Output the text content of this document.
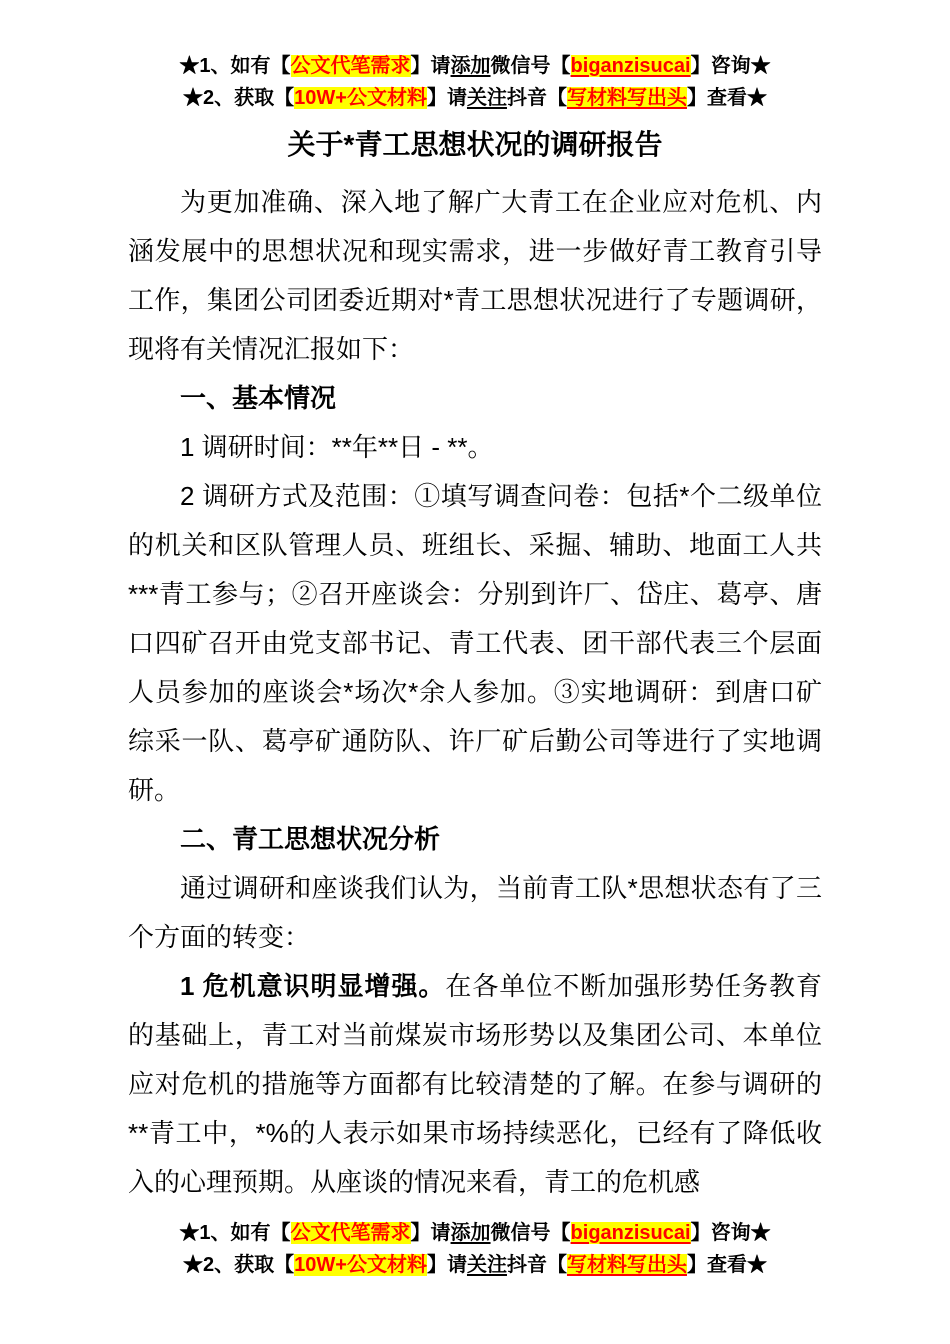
★1、如有【公文代笔需求】请添加微信号【biganzisucai】咨询★
★2、获取【10W+公文材料】请关注抖音【写材料写出头】查看★
关于*青工思想状况的调研报告

为更加准确、深入地了解广大青工在企业应对危机、内涵发展中的思想状况和现实需求，进一步做好青工教育引导工作，集团公司团委近期对*青工思想状况进行了专题调研，现将有关情况汇报如下：

一、基本情况

1 调研时间：**年**日 - **。

2 调研方式及范围：①填写调查问卷：包括*个二级单位的机关和区队管理人员、班组长、采掘、辅助、地面工人共***青工参与；②召开座谈会：分别到许厂、岱庄、葛亭、唐口四矿召开由党支部书记、青工代表、团干部代表三个层面人员参加的座谈会*场次*余人参加。③实地调研：到唐口矿综采一队、葛亭矿通防队、许厂矿后勤公司等进行了实地调研。

二、青工思想状况分析

通过调研和座谈我们认为，当前青工队*思想状态有了三个方面的转变：

1 危机意识明显增强。在各单位不断加强形势任务教育的基础上，青工对当前煤炭市场形势以及集团公司、本单位应对危机的措施等方面都有比较清楚的了解。在参与调研的**青工中，*%的人表示如果市场持续恶化，已经有了降低收入的心理预期。从座谈的情况来看，青工的危机感

★1、如有【公文代笔需求】请添加微信号【biganzisucai】咨询★
★2、获取【10W+公文材料】请关注抖音【写材料写出头】查看★
